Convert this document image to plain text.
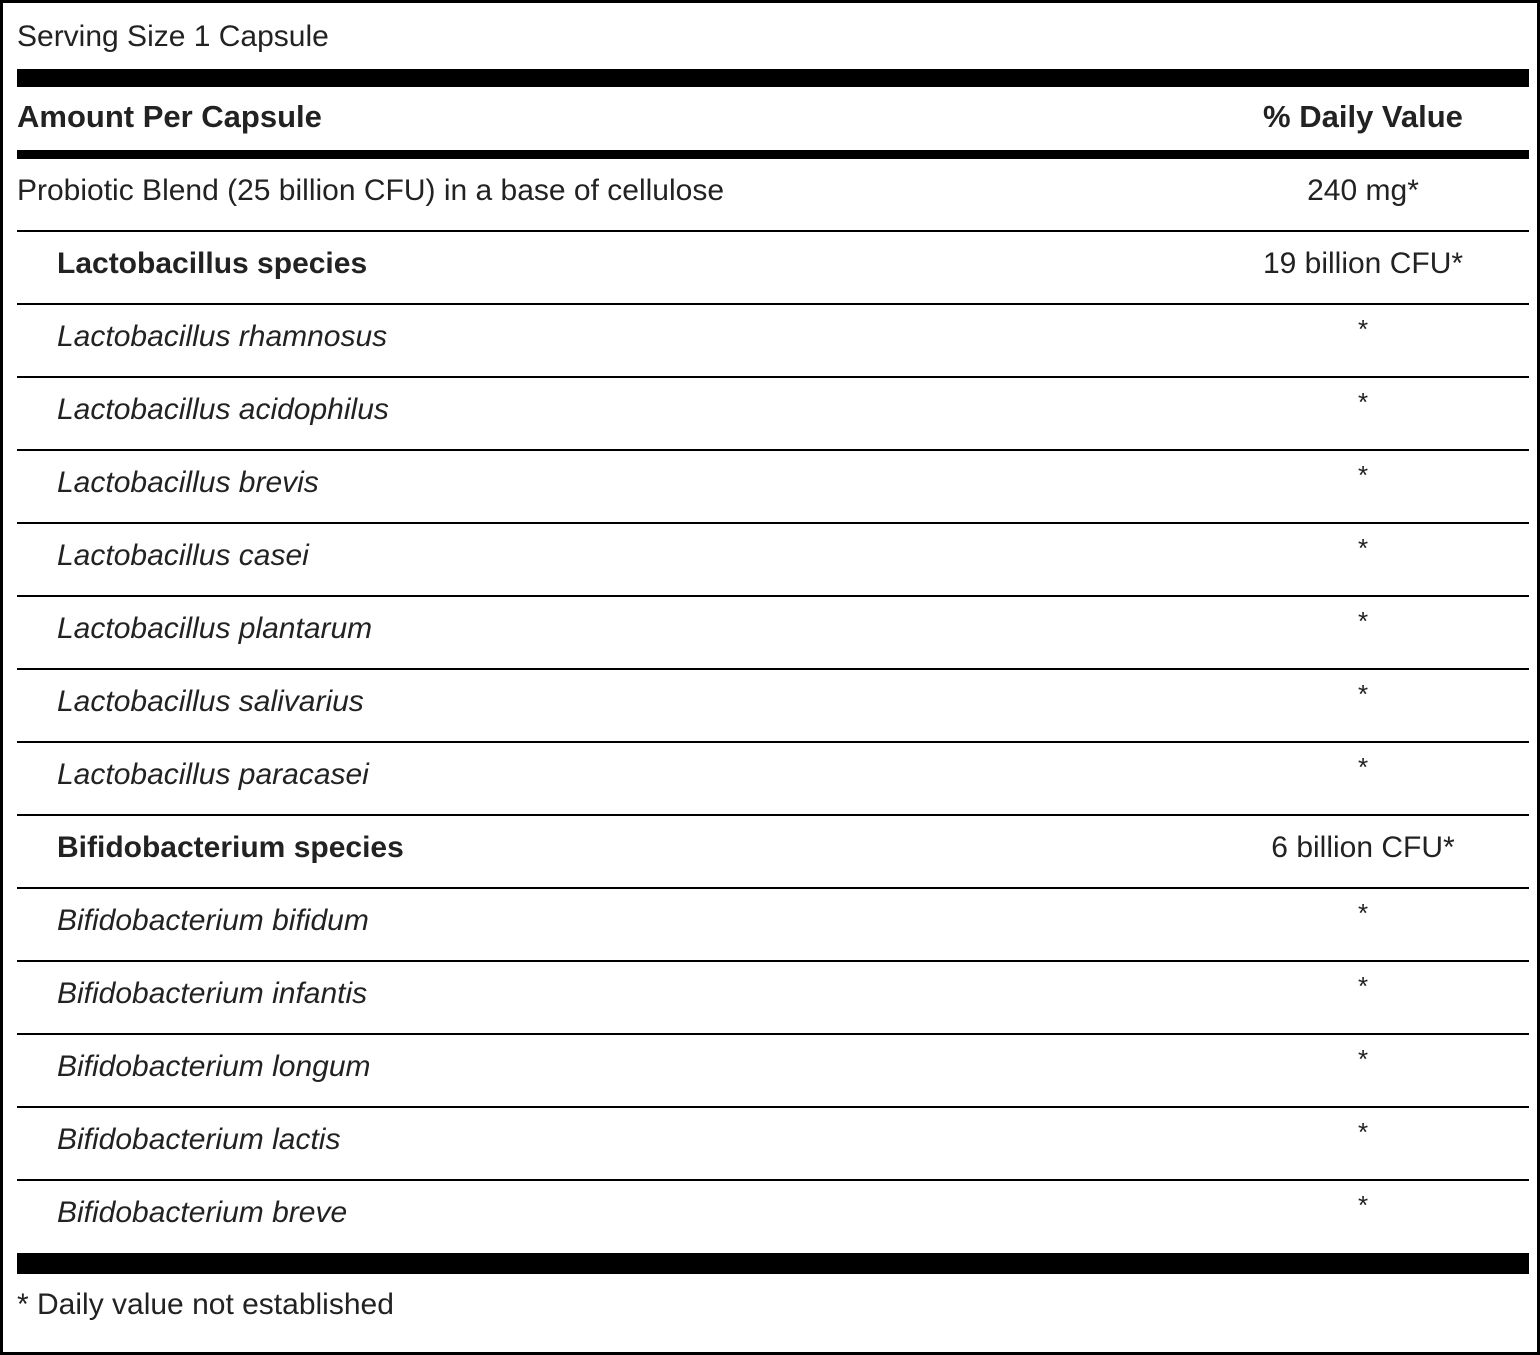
Serving Size 1 Capsule
Amount Per Capsule	% Daily Value
Probiotic Blend (25 billion CFU) in a base of cellulose	240 mg*
Lactobacillus species	19 billion CFU*
Lactobacillus rhamnosus	*
Lactobacillus acidophilus	*
Lactobacillus brevis	*
Lactobacillus casei	*
Lactobacillus plantarum	*
Lactobacillus salivarius	*
Lactobacillus paracasei	*
Bifidobacterium species	6 billion CFU*
Bifidobacterium bifidum	*
Bifidobacterium infantis	*
Bifidobacterium longum	*
Bifidobacterium lactis	*
Bifidobacterium breve	*
* Daily value not established
